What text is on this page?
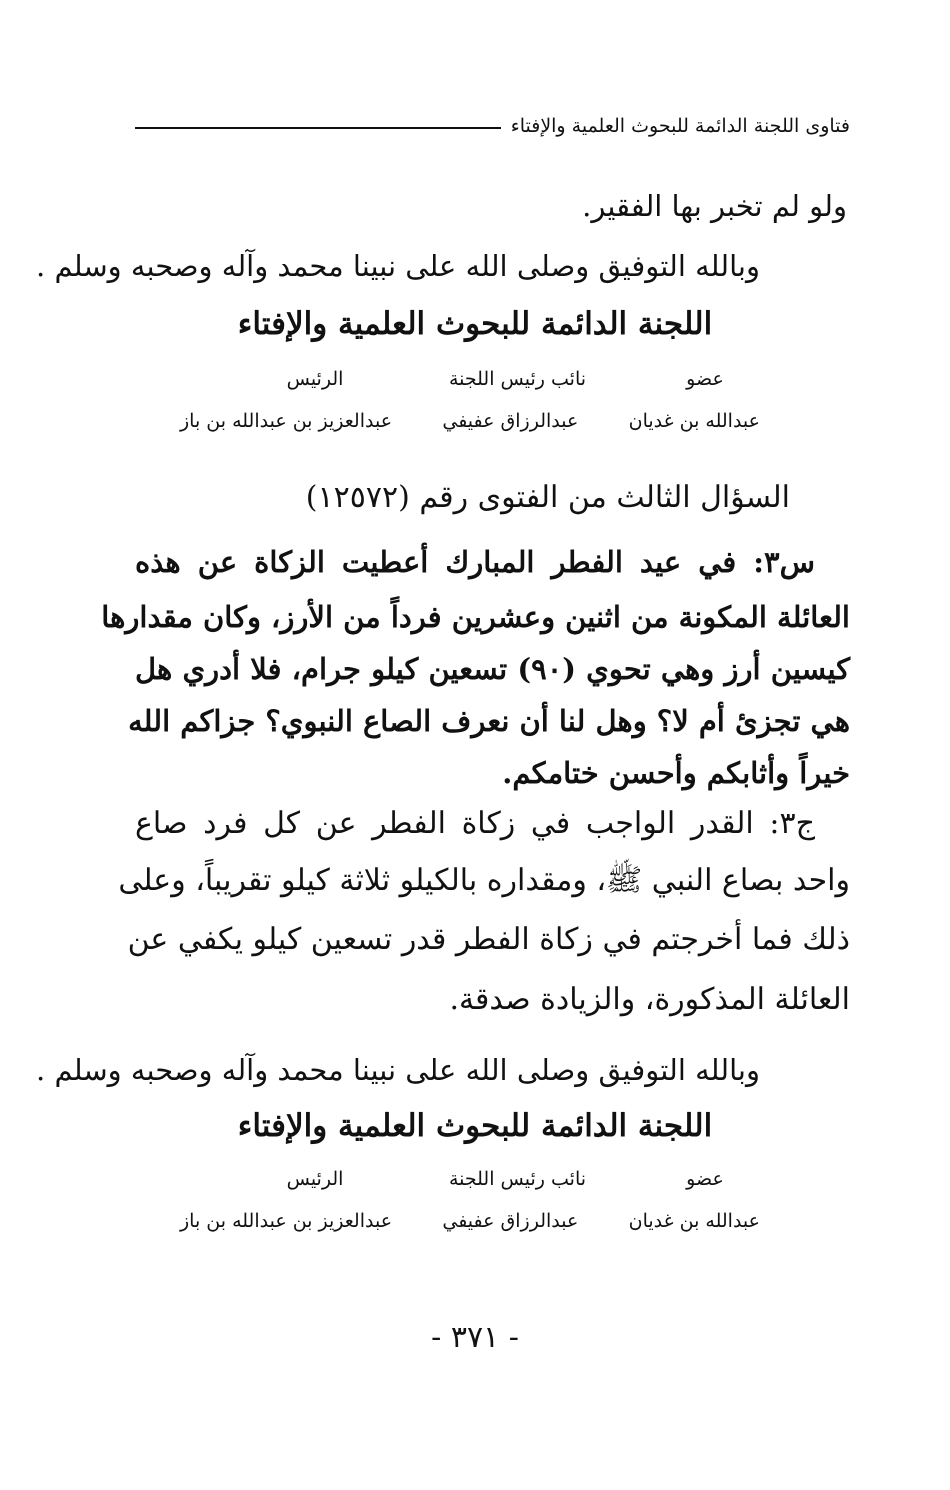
فتاوى اللجنة الدائمة للبحوث العلمية والإفتاء
ولو لم تخبر بها الفقير.
وبالله التوفيق وصلى الله على نبينا محمد وآله وصحبه وسلم .
اللجنة الدائمة للبحوث العلمية والإفتاء
عضو
نائب رئيس اللجنة
الرئيس
عبدالله بن غديان
عبدالرزاق عفيفي
عبدالعزيز بن عبدالله بن باز
السؤال الثالث من الفتوى رقم (١٢٥٧٢)
س٣: في عيد الفطر المبارك أعطيت الزكاة عن هذه
العائلة المكونة من اثنين وعشرين فرداً من الأرز، وكان مقدارها
كيسين أرز وهي تحوي (٩٠) تسعين كيلو جرام، فلا أدري هل
هي تجزئ أم لا؟ وهل لنا أن نعرف الصاع النبوي؟ جزاكم الله
خيراً وأثابكم وأحسن ختامكم.
ج٣: القدر الواجب في زكاة الفطر عن كل فرد صاع
واحد بصاع النبي ﷺ، ومقداره بالكيلو ثلاثة كيلو تقريباً، وعلى
ذلك فما أخرجتم في زكاة الفطر قدر تسعين كيلو يكفي عن
العائلة المذكورة، والزيادة صدقة.
وبالله التوفيق وصلى الله على نبينا محمد وآله وصحبه وسلم .
اللجنة الدائمة للبحوث العلمية والإفتاء
عضو
نائب رئيس اللجنة
الرئيس
عبدالله بن غديان
عبدالرزاق عفيفي
عبدالعزيز بن عبدالله بن باز
- ٣٧١ -
